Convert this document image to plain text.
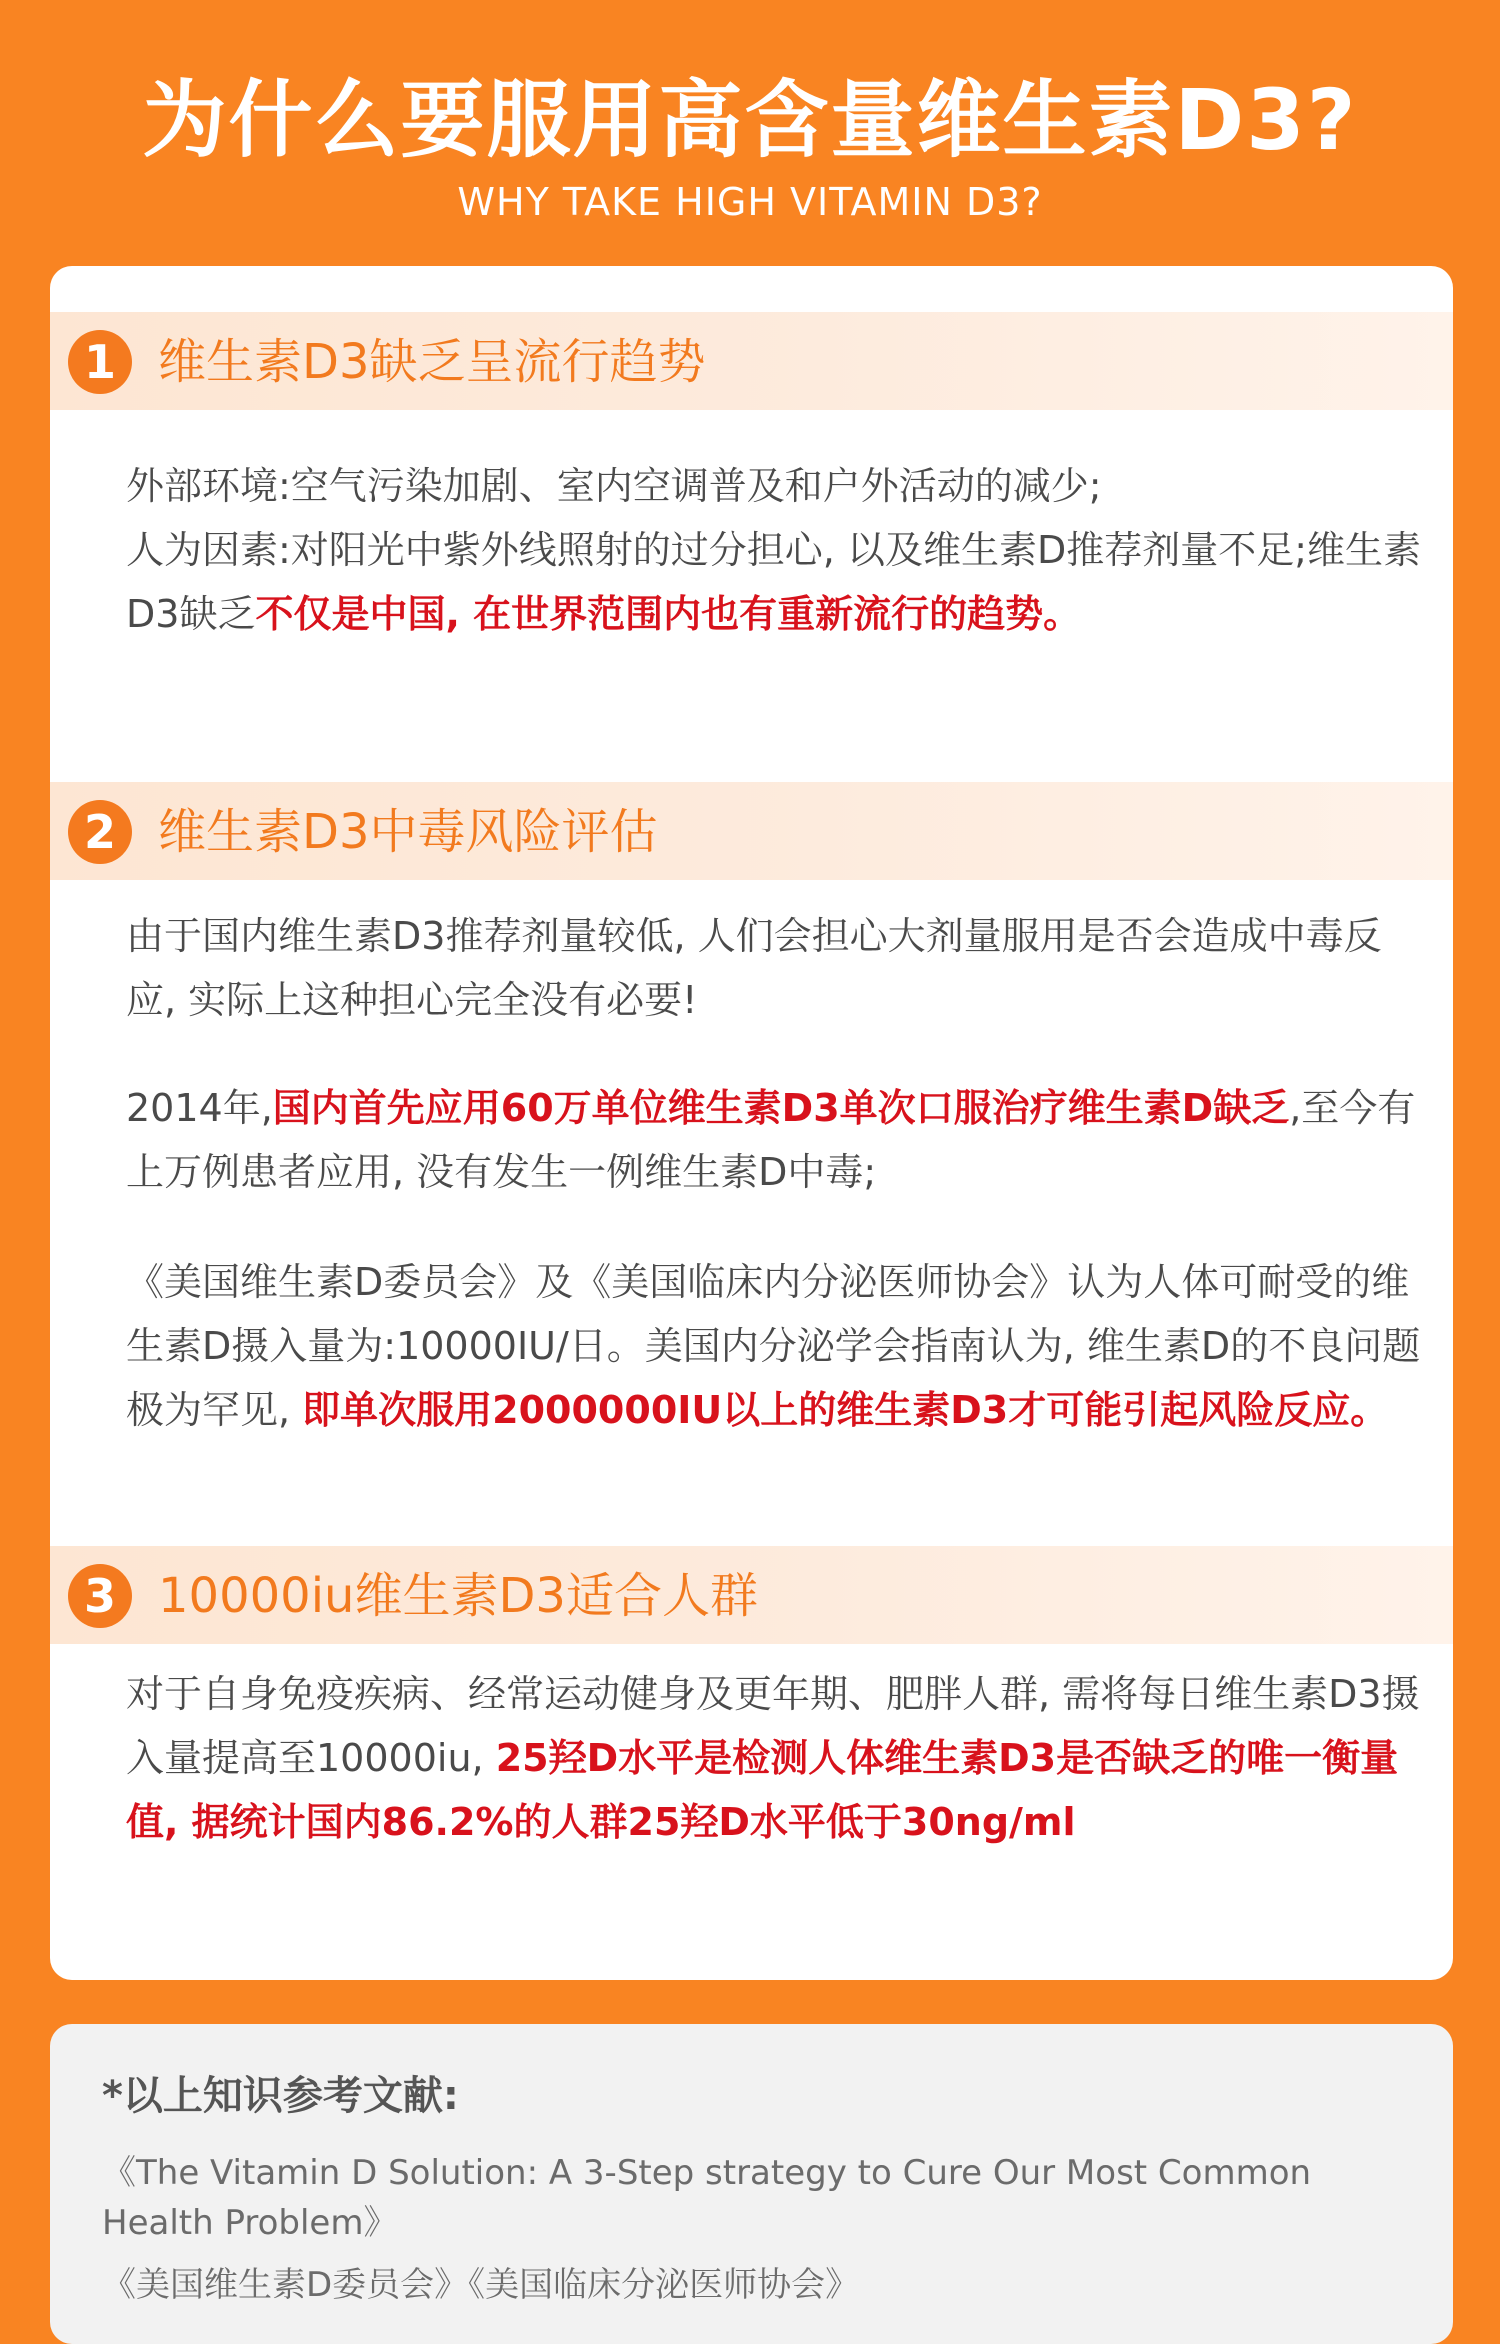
为什么要服用高含量维生素D3?
WHY TAKE HIGH VITAMIN D3?
1 维生素D3缺乏呈流行趋势

外部环境:空气污染加剧、室内空调普及和户外活动的减少;
人为因素:对阳光中紫外线照射的过分担心, 以及维生素D推荐剂量不足;维生素D3缺乏不仅是中国, 在世界范围内也有重新流行的趋势。

2 维生素D3中毒风险评估

由于国内维生素D3推荐剂量较低, 人们会担心大剂量服用是否会造成中毒反应, 实际上这种担心完全没有必要!

2014年,国内首先应用60万单位维生素D3单次口服治疗维生素D缺乏,至今有上万例患者应用, 没有发生一例维生素D中毒;

《美国维生素D委员会》及《美国临床内分泌医师协会》认为人体可耐受的维生素D摄入量为:10000IU/日。美国内分泌学会指南认为, 维生素D的不良问题极为罕见, 即单次服用2000000IU以上的维生素D3才可能引起风险反应。

3 10000iu维生素D3适合人群

对于自身免疫疾病、经常运动健身及更年期、肥胖人群, 需将每日维生素D3摄入量提高至10000iu, 25羟D水平是检测人体维生素D3是否缺乏的唯一衡量值, 据统计国内86.2%的人群25羟D水平低于30ng/ml

*以上知识参考文献:

《The Vitamin D Solution: A 3-Step strategy to Cure Our Most Common Health Problem》

《美国维生素D委员会》《美国临床分泌医师协会》
